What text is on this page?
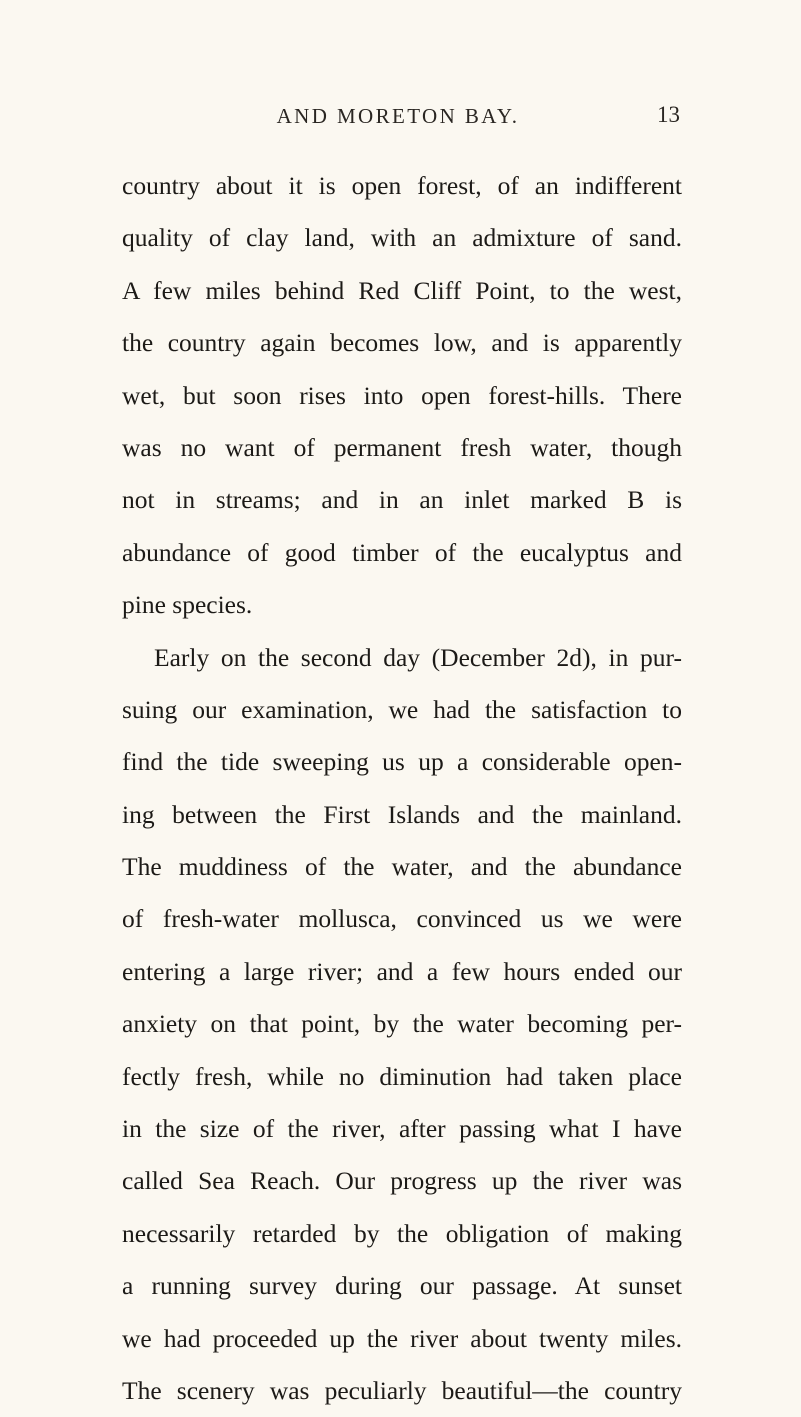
AND MORETON BAY.	13
country about it is open forest, of an indifferent
quality of clay land, with an admixture of sand.
A few miles behind Red Cliff Point, to the west,
the country again becomes low, and is apparently
wet, but soon rises into open forest-hills. There
was no want of permanent fresh water, though
not in streams; and in an inlet marked B is
abundance of good timber of the eucalyptus and
pine species.
Early on the second day (December 2d), in pur-
suing our examination, we had the satisfaction to
find the tide sweeping us up a considerable open-
ing between the First Islands and the mainland.
The muddiness of the water, and the abundance
of fresh-water mollusca, convinced us we were
entering a large river; and a few hours ended our
anxiety on that point, by the water becoming per-
fectly fresh, while no diminution had taken place
in the size of the river, after passing what I have
called Sea Reach. Our progress up the river was
necessarily retarded by the obligation of making
a running survey during our passage. At sunset
we had proceeded up the river about twenty miles.
The scenery was peculiarly beautiful—the country
